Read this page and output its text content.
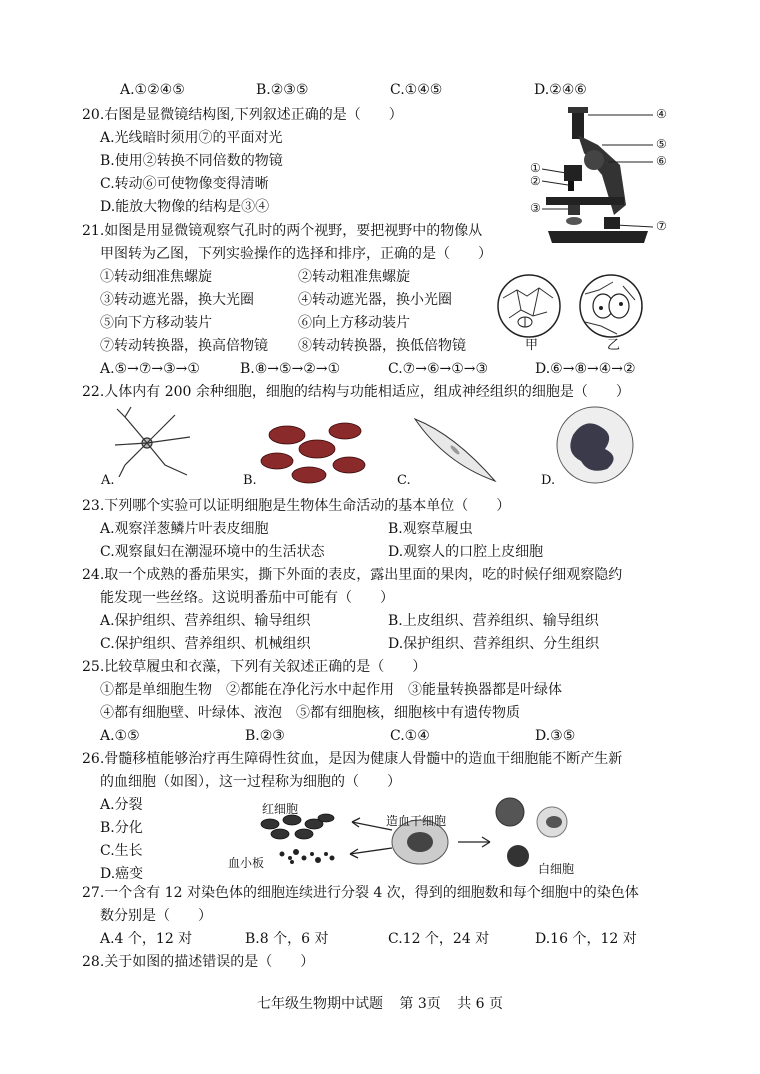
A.①②④⑤	B.②③⑤	C.①④⑤	D.②④⑥
20.右图是显微镜结构图,下列叙述正确的是（　　）
A.光线暗时须用⑦的平面对光
B.使用②转换不同倍数的物镜
C.转动⑥可使物像变得清晰
D.能放大物像的结构是③④
④
⑤
⑥
①
②
③
⑦
21.如图是用显微镜观察气孔时的两个视野，要把视野中的物像从
甲图转为乙图，下列实验操作的选择和排序，正确的是（　　）
①转动细准焦螺旋	②转动粗准焦螺旋
③转动遮光器，换大光圈	④转动遮光器，换小光圈
⑤向下方移动装片	⑥向上方移动装片
⑦转动转换器，换高倍物镜 ⑧转动转换器，换低倍物镜
A.⑤→⑦→③→①	B.⑧→⑤→②→①	C.⑦→⑥→①→③	D.⑥→⑧→④→②
甲	乙
22.人体内有 200 余种细胞，细胞的结构与功能相适应，组成神经组织的细胞是（　　）
A.	B.	C.	D.
23.下列哪个实验可以证明细胞是生物体生命活动的基本单位（　　）
A.观察洋葱鳞片叶表皮细胞	B.观察草履虫
C.观察鼠妇在潮湿环境中的生活状态	D.观察人的口腔上皮细胞
24.取一个成熟的番茄果实，撕下外面的表皮，露出里面的果肉，吃的时候仔细观察隐约
能发现一些丝络。这说明番茄中可能有（　　）
A.保护组织、营养组织、输导组织	B.上皮组织、营养组织、输导组织
C.保护组织、营养组织、机械组织	D.保护组织、营养组织、分生组织
25.比较草履虫和衣藻，下列有关叙述正确的是（　　）
①都是单细胞生物　②都能在净化污水中起作用　③能量转换器都是叶绿体
④都有细胞壁、叶绿体、液泡　⑤都有细胞核，细胞核中有遗传物质
A.①⑤	B.②③	C.①④	D.③⑤
26.骨髓移植能够治疗再生障碍性贫血，是因为健康人骨髓中的造血干细胞能不断产生新
的血细胞（如图），这一过程称为细胞的（　　）
A.分裂
B.分化
C.生长
D.癌变
红细胞
造血干细胞
血小板	白细胞
27.一个含有 12 对染色体的细胞连续进行分裂 4 次，得到的细胞数和每个细胞中的染色体
数分别是（　　）
A.4 个，12 对	B.8 个，6 对	C.12 个，24 对	D.16 个，12 对
28.关于如图的描述错误的是（　　）
七年级生物期中试题 第 3页 共 6 页
